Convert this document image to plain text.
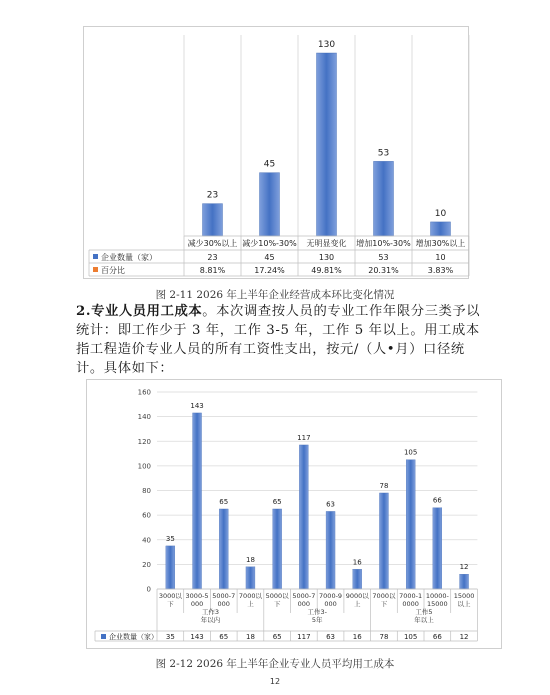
23
45
130
53
10
减少30%以上
23
8.81%
减少10%-30%
45
17.24%
无明显变化
130
49.81%
增加10%-30%
53
20.31%
增加30%以上
10
3.83%
企业数量（家）
百分比
图 2-11 2026 年上半年企业经营成本环比变化情况
2.专业人员用工成本。本次调查按人员的专业工作年限分三类予以统计：即工作少于 3 年，工作 3-5 年，工作 5 年以上。用工成本指工程造价专业人员的所有工资性支出，按元/（人•月）口径统计。具体如下：
0
20
40
60
80
100
120
140
160
35
143
65
18
65
117
63
16
78
105
66
12
3000以
下
35
3000-5
000
143
5000-7
000
65
7000以
上
18
5000以
下
65
5000-7
000
117
7000-9
000
63
9000以
上
16
7000以
下
78
7000-1
0000
105
10000-
15000
66
15000
以上
12
工作3
年以内
工作3-
5年
工作5
年以上
企业数量（家）
图 2-12 2026 年上半年企业专业人员平均用工成本
12
